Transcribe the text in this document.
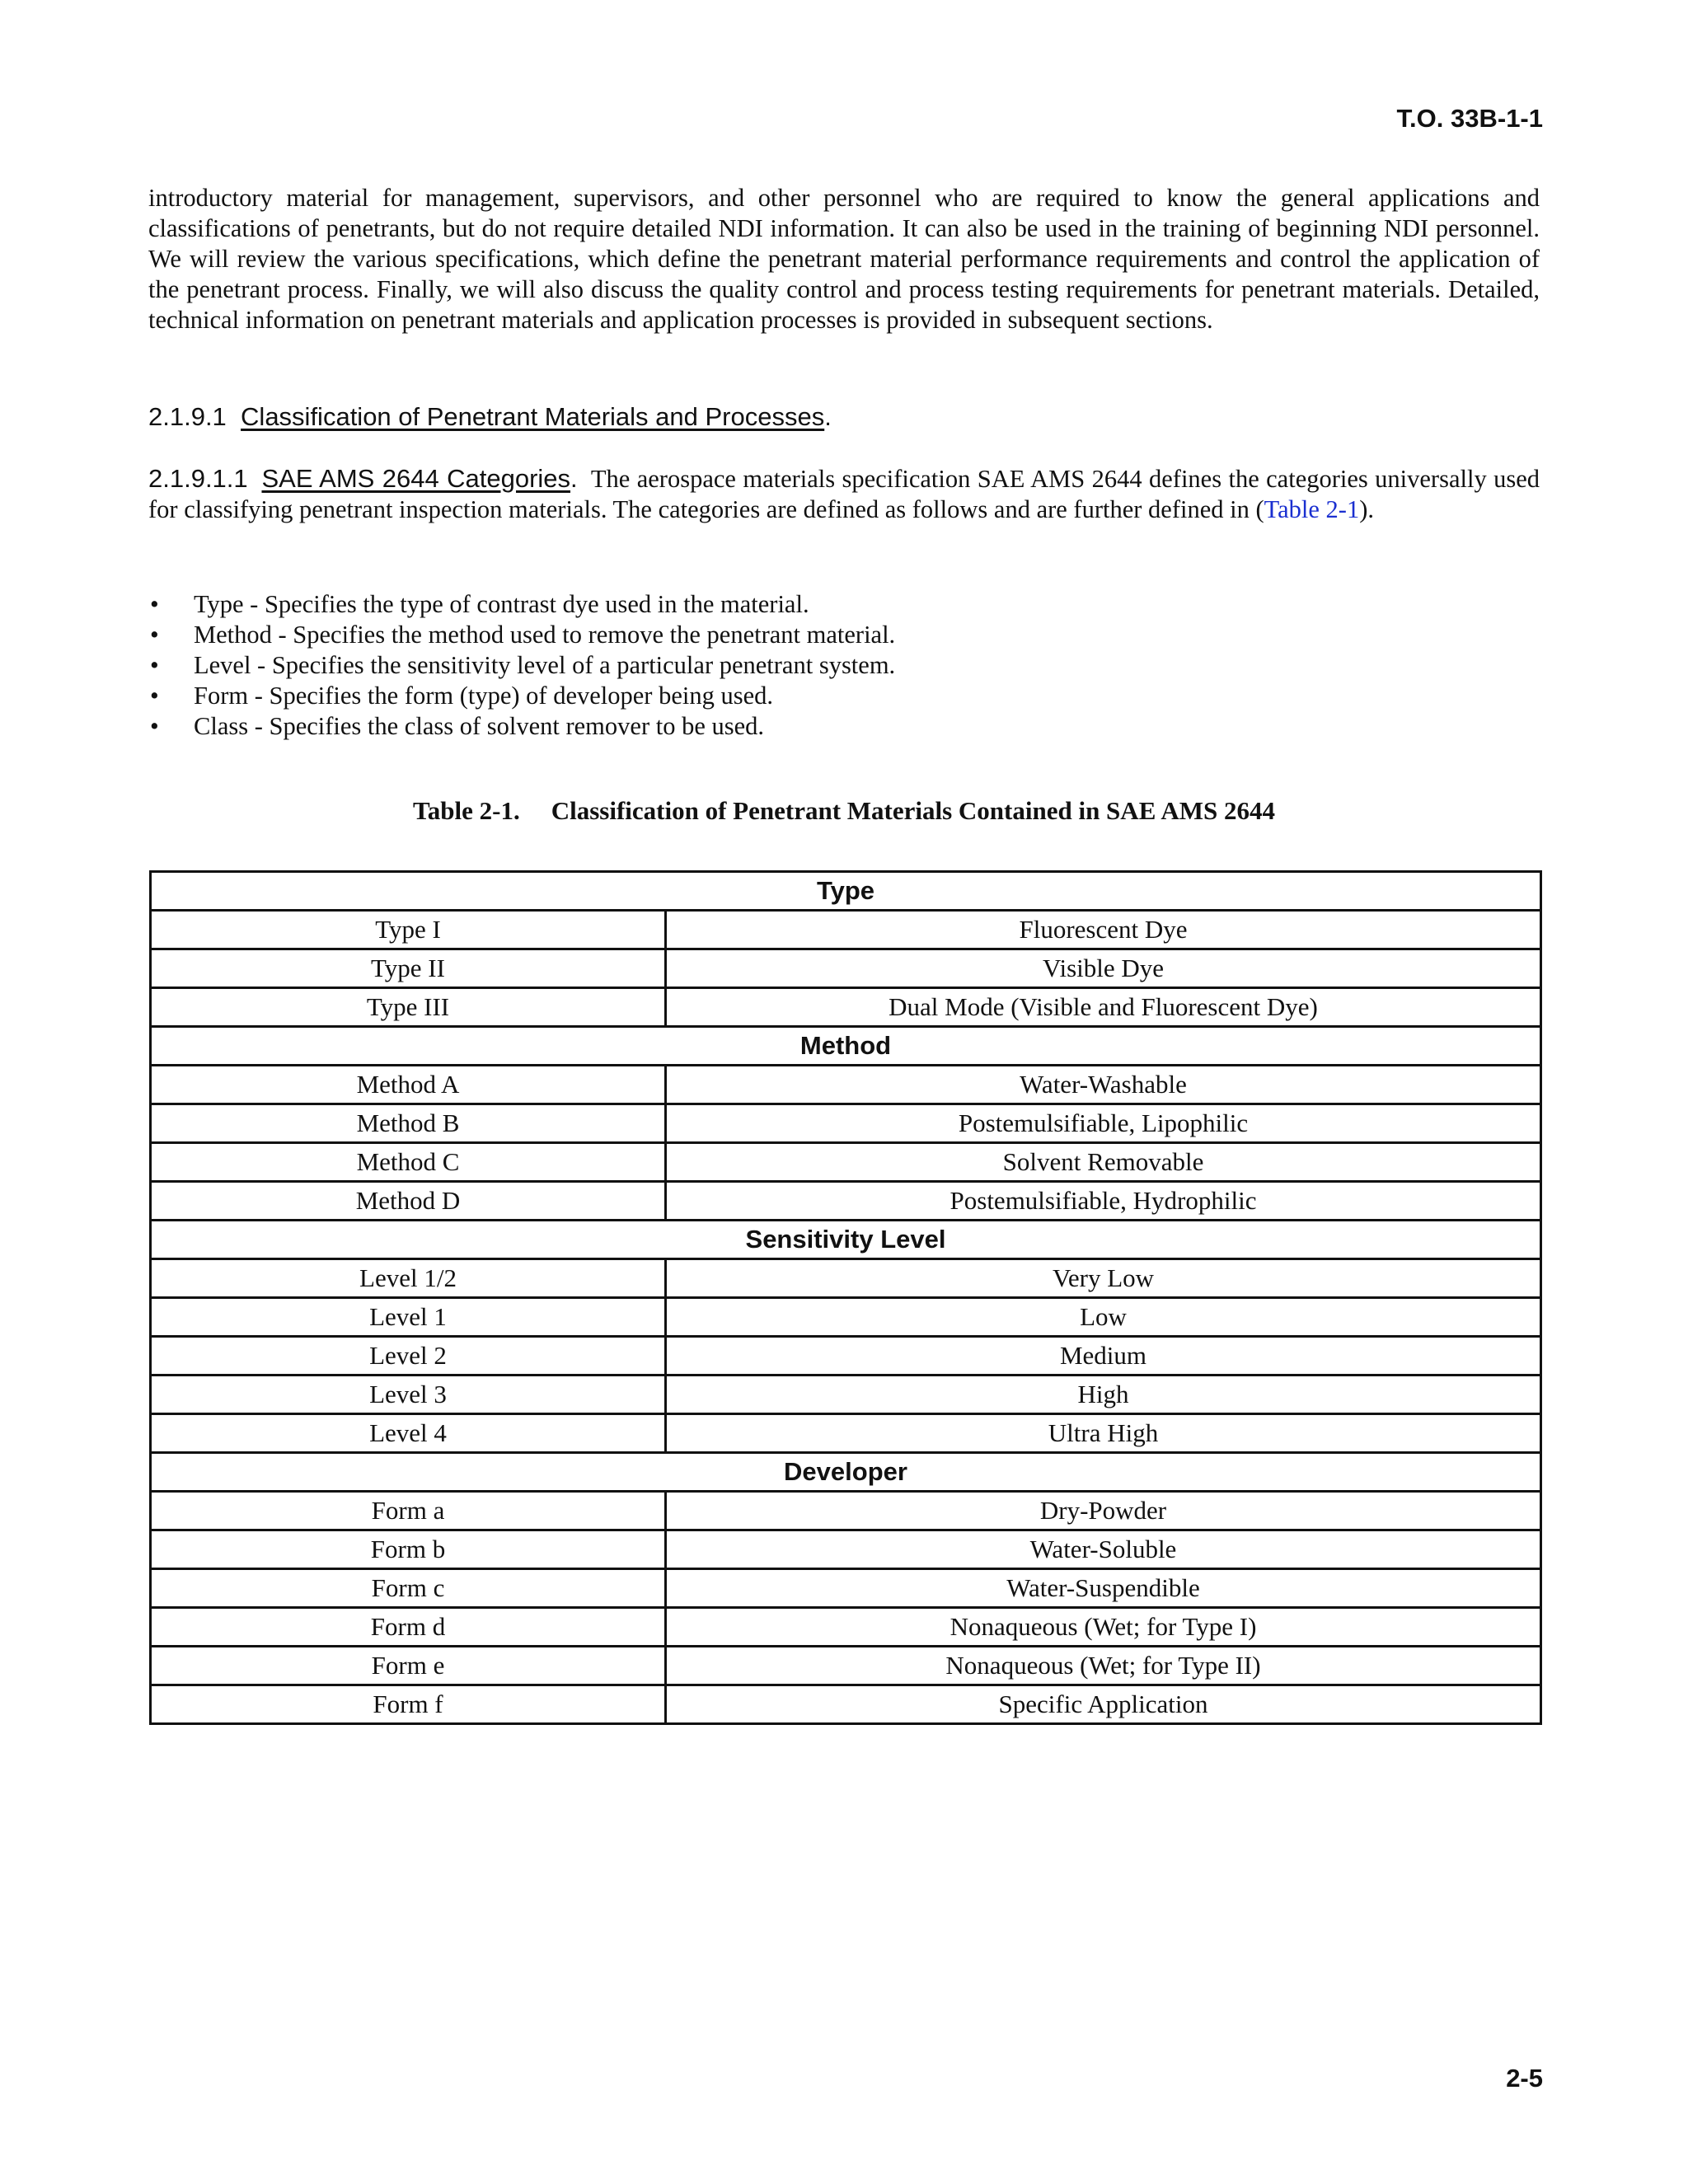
T.O. 33B-1-1

introductory material for management, supervisors, and other personnel who are required to know the general applications and classifications of penetrants, but do not require detailed NDI information. It can also be used in the training of beginning NDI personnel. We will review the various specifications, which define the penetrant material performance requirements and control the application of the penetrant process. Finally, we will also discuss the quality control and process testing requirements for penetrant materials. Detailed, technical information on penetrant materials and application processes is provided in subsequent sections.

2.1.9.1 Classification of Penetrant Materials and Processes.

2.1.9.1.1 SAE AMS 2644 Categories. The aerospace materials specification SAE AMS 2644 defines the categories universally used for classifying penetrant inspection materials. The categories are defined as follows and are further defined in (Table 2-1).

• Type - Specifies the type of contrast dye used in the material.
• Method - Specifies the method used to remove the penetrant material.
• Level - Specifies the sensitivity level of a particular penetrant system.
• Form - Specifies the form (type) of developer being used.
• Class - Specifies the class of solvent remover to be used.
Table 2-1. Classification of Penetrant Materials Contained in SAE AMS 2644
Type	
Type I	Fluorescent Dye
Type II	Visible Dye
Type III	Dual Mode (Visible and Fluorescent Dye)
Method	
Method A	Water-Washable
Method B	Postemulsifiable, Lipophilic
Method C	Solvent Removable
Method D	Postemulsifiable, Hydrophilic
Sensitivity Level	
Level 1/2	Very Low
Level 1	Low
Level 2	Medium
Level 3	High
Level 4	Ultra High
Developer	
Form a	Dry-Powder
Form b	Water-Soluble
Form c	Water-Suspendible
Form d	Nonaqueous (Wet; for Type I)
Form e	Nonaqueous (Wet; for Type II)
Form f	Specific Application
2-5
